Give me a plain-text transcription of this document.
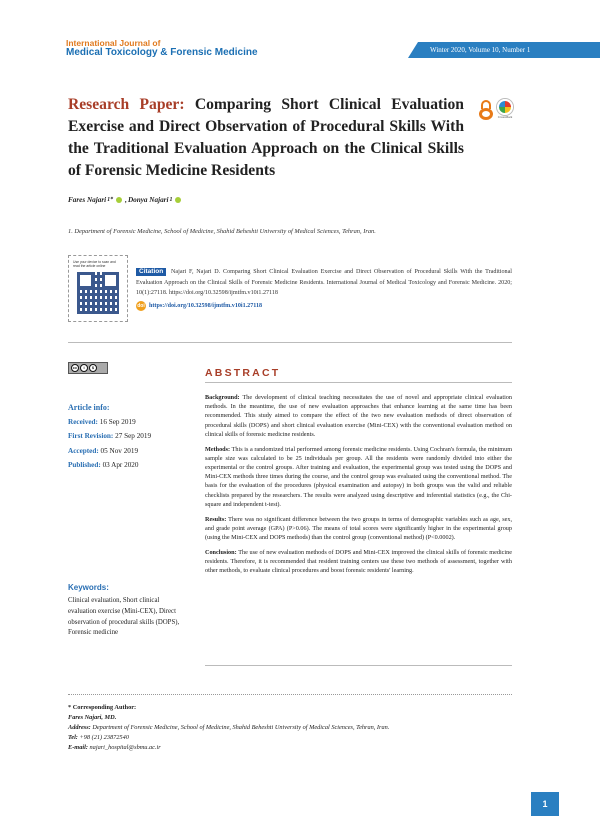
International Journal of
Medical Toxicology & Forensic Medicine	Winter 2020, Volume 10, Number 1
Research Paper: Comparing Short Clinical Evaluation Exercise and Direct Observation of Procedural Skills With the Traditional Evaluation Approach on the Clinical Skills of Forensic Medicine Residents
CrossMark
Fares Najari 1* , Donya Najari 1
1. Department of Forensic Medicine, School of Medicine, Shahid Beheshti University of Medical Sciences, Tehran, Iran.
Use your device to scan and read the article online
Citation Najari F, Najari D. Comparing Short Clinical Evaluation Exercise and Direct Observation of Procedural Skills With the Traditional Evaluation Approach on the Clinical Skills of Forensic Medicine Residents. International Journal of Medical Toxicology and Forensic Medicine. 2020; 10(1):27118. https://doi.org/10.32598/ijmtfm.v10i1.27118
doi https://doi.org/10.32598/ijmtfm.v10i1.27118
cc	i	$
Article info:
Received: 16 Sep 2019
First Revision: 27 Sep 2019
Accepted: 05 Nov 2019
Published: 03 Apr 2020
Keywords:
Clinical evaluation, Short clinical evaluation exercise (Mini-CEX), Direct observation of procedural skills (DOPS), Forensic medicine
ABSTRACT

Background: The development of clinical teaching necessitates the use of novel and appropriate clinical evaluation methods. In the meantime, the use of new evaluation approaches that enhance learning at the same time has been recommended. This study aimed to compare the effect of the two new evaluation methods of direct observation of procedural skills (DOPS) and short clinical evaluation exercise (Mini-CEX) with the conventional evaluation method on clinical skills of forensic medicine residents.

Methods: This is a randomized trial performed among forensic medicine residents. Using Cochran's formula, the minimum sample size was calculated to be 25 individuals per group. All the residents were randomly divided into either the experimental or the control groups. After training and evaluation, the experimental group was tested using the DOPS and Mini-CEX methods three times during the course, and the control group was evaluated using the conventional method. The basis for the evaluation of the procedures (physical examination and autopsy) in both groups was the valid and reliable checklists prepared by the researchers. The results were analyzed using descriptive and inferential statistics (e.g., the Chi-square and independent t-test).

Results: There was no significant difference between the two groups in terms of demographic variables such as age, sex, and grade point average (GPA) (P>0.06). The means of total scores were significantly higher in the experimental group (using the Mini-CEX and DOPS methods) than the control group (conventional method) (P<0.0002).

Conclusion: The use of new evaluation methods of DOPS and Mini-CEX improved the clinical skills of forensic medicine residents. Therefore, it is recommended that resident training centers use these two methods of assessment, together with other methods, to evaluate clinical procedures and boost forensic residents' learning.

* Corresponding Author:
Fares Najari, MD.
Address: Department of Forensic Medicine, School of Medicine, Shahid Beheshti University of Medical Sciences, Tehran, Iran.
Tel: +98 (21) 23872540
E-mail: najari_hospital@sbmu.ac.ir
1
